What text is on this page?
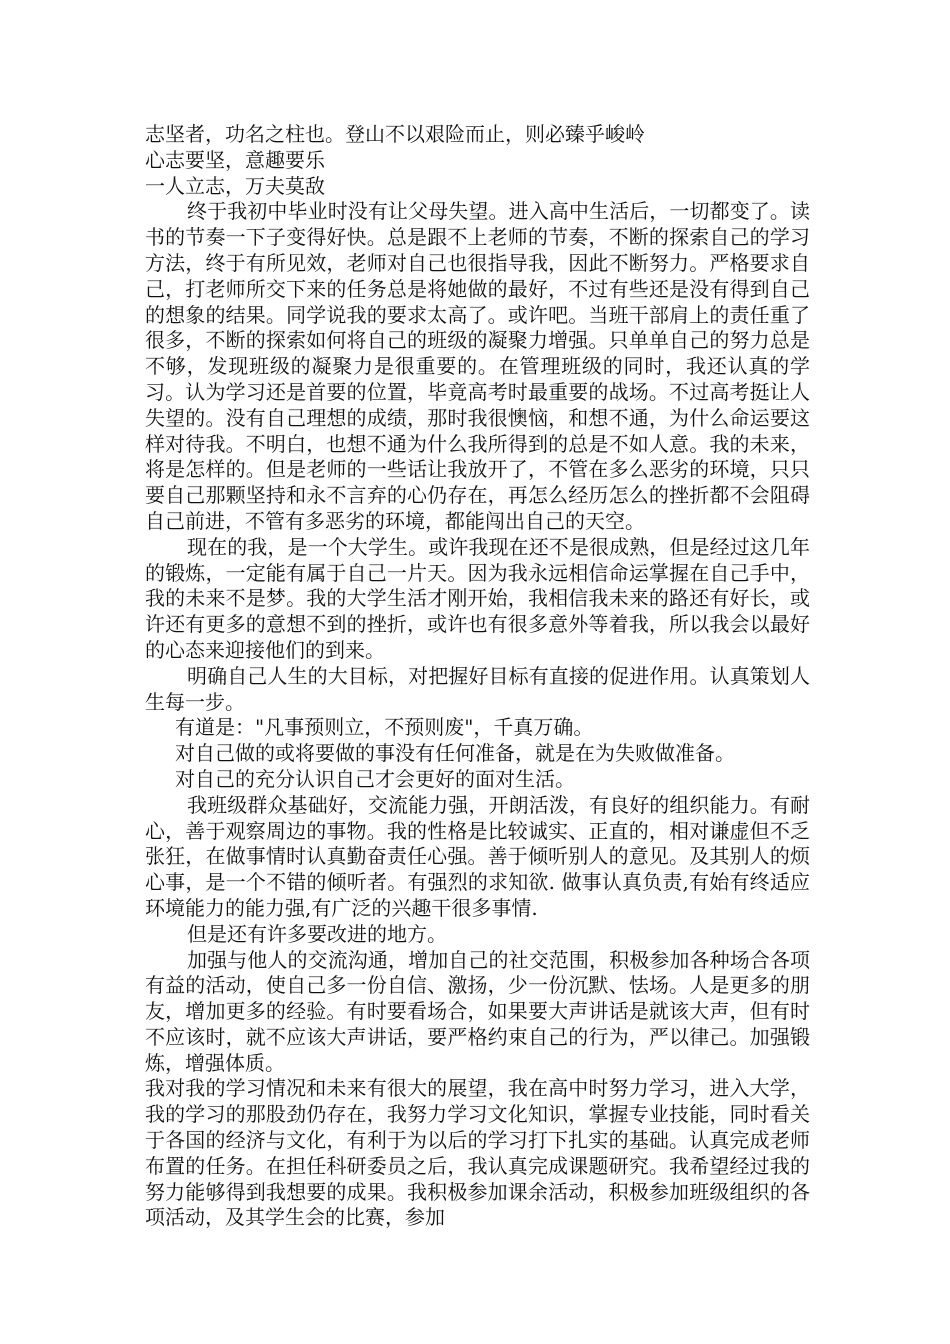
志坚者，功名之柱也。登山不以艰险而止，则必臻乎峻岭

心志要坚，意趣要乐

一人立志，万夫莫敌

终于我初中毕业时没有让父母失望。进入高中生活后，一切都变了。读书的节奏一下子变得好快。总是跟不上老师的节奏，不断的探索自己的学习方法，终于有所见效，老师对自己也很指导我，因此不断努力。严格要求自己，打老师所交下来的任务总是将她做的最好，不过有些还是没有得到自己的想象的结果。同学说我的要求太高了。或许吧。当班干部肩上的责任重了很多，不断的探索如何将自己的班级的凝聚力增强。只单单自己的努力总是不够，发现班级的凝聚力是很重要的。在管理班级的同时，我还认真的学习。认为学习还是首要的位置，毕竟高考时最重要的战场。不过高考挺让人失望的。没有自己理想的成绩，那时我很懊恼，和想不通，为什么命运要这样对待我。不明白，也想不通为什么我所得到的总是不如人意。我的未来，将是怎样的。但是老师的一些话让我放开了，不管在多么恶劣的环境，只只要自己那颗坚持和永不言弃的心仍存在，再怎么经历怎么的挫折都不会阻碍自己前进，不管有多恶劣的环境，都能闯出自己的天空。

现在的我，是一个大学生。或许我现在还不是很成熟，但是经过这几年的锻炼，一定能有属于自己一片天。因为我永远相信命运掌握在自己手中，我的未来不是梦。我的大学生活才刚开始，我相信我未来的路还有好长，或许还有更多的意想不到的挫折，或许也有很多意外等着我，所以我会以最好的心态来迎接他们的到来。

明确自己人生的大目标，对把握好目标有直接的促进作用。认真策划人生每一步。

有道是："凡事预则立，不预则废"，千真万确。

对自己做的或将要做的事没有任何准备，就是在为失败做准备。

对自己的充分认识自己才会更好的面对生活。

我班级群众基础好，交流能力强，开朗活泼，有良好的组织能力。有耐心，善于观察周边的事物。我的性格是比较诚实、正直的，相对谦虚但不乏张狂，在做事情时认真勤奋责任心强。善于倾听别人的意见。及其别人的烦心事，是一个不错的倾听者。有强烈的求知欲. 做事认真负责,有始有终适应环境能力的能力强,有广泛的兴趣干很多事情.

但是还有许多要改进的地方。

加强与他人的交流沟通，增加自己的社交范围，积极参加各种场合各项有益的活动，使自己多一份自信、激扬，少一份沉默、怯场。人是更多的朋友，增加更多的经验。有时要看场合，如果要大声讲话是就该大声，但有时不应该时，就不应该大声讲话，要严格约束自己的行为，严以律己。加强锻炼，增强体质。

我对我的学习情况和未来有很大的展望，我在高中时努力学习，进入大学，我的学习的那股劲仍存在，我努力学习文化知识，掌握专业技能，同时看关于各国的经济与文化，有利于为以后的学习打下扎实的基础。认真完成老师布置的任务。在担任科研委员之后，我认真完成课题研究。我希望经过我的努力能够得到我想要的成果。我积极参加课余活动，积极参加班级组织的各项活动，及其学生会的比赛，参加
